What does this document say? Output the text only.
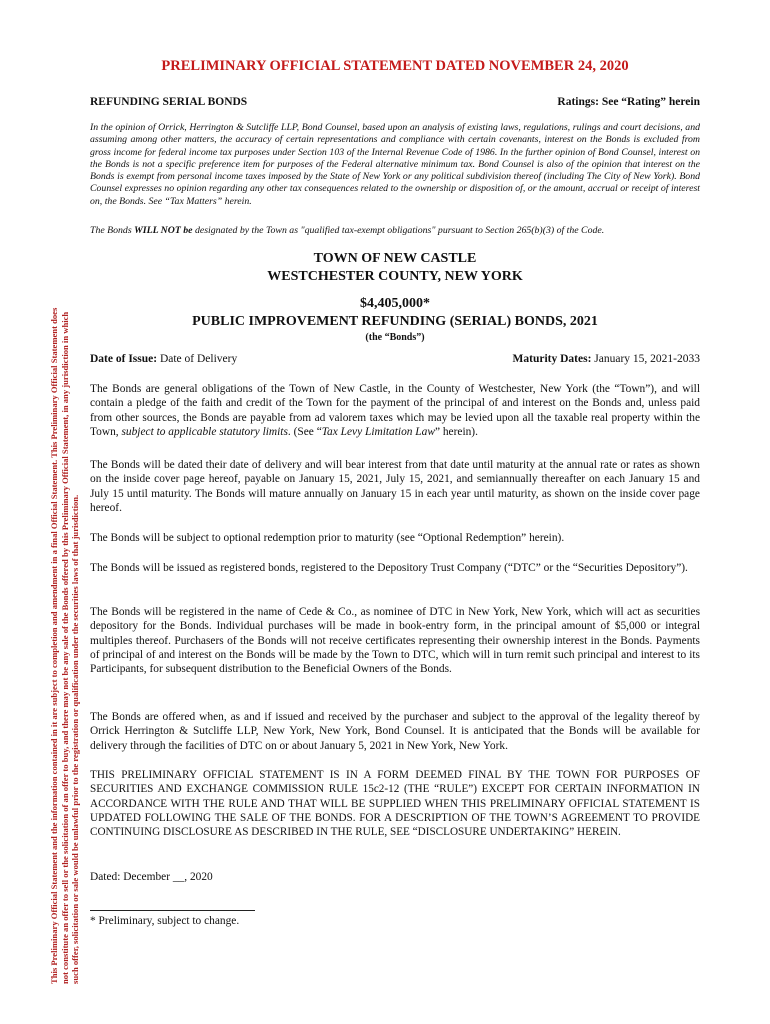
This Preliminary Official Statement and the information contained in it are subject to completion and amendment in a final Official Statement. This Preliminary Official Statement does not constitute an offer to sell or the solicitation of an offer to buy, and there may not be any sale of the Bonds offered by this Preliminary Official Statement, in any jurisdiction in which such offer, solicitation or sale would be unlawful prior to the registration or qualification under the securities laws of that jurisdiction.
PRELIMINARY OFFICIAL STATEMENT DATED NOVEMBER 24, 2020
REFUNDING SERIAL BONDS	Ratings: See “Rating” herein
In the opinion of Orrick, Herrington & Sutcliffe LLP, Bond Counsel, based upon an analysis of existing laws, regulations, rulings and court decisions, and assuming among other matters, the accuracy of certain representations and compliance with certain covenants, interest on the Bonds is excluded from gross income for federal income tax purposes under Section 103 of the Internal Revenue Code of 1986. In the further opinion of Bond Counsel, interest on the Bonds is not a specific preference item for purposes of the Federal alternative minimum tax. Bond Counsel is also of the opinion that interest on the Bonds is exempt from personal income taxes imposed by the State of New York or any political subdivision thereof (including The City of New York). Bond Counsel expresses no opinion regarding any other tax consequences related to the ownership or disposition of, or the amount, accrual or receipt of interest on, the Bonds. See “Tax Matters” herein.
The Bonds WILL NOT be designated by the Town as "qualified tax-exempt obligations" pursuant to Section 265(b)(3) of the Code.
TOWN OF NEW CASTLE
WESTCHESTER COUNTY, NEW YORK
$4,405,000*
PUBLIC IMPROVEMENT REFUNDING (SERIAL) BONDS, 2021
(the “Bonds”)
Date of Issue: Date of Delivery	Maturity Dates: January 15, 2021-2033
The Bonds are general obligations of the Town of New Castle, in the County of Westchester, New York (the “Town”), and will contain a pledge of the faith and credit of the Town for the payment of the principal of and interest on the Bonds and, unless paid from other sources, the Bonds are payable from ad valorem taxes which may be levied upon all the taxable real property within the Town, subject to applicable statutory limits. (See “Tax Levy Limitation Law” herein).
The Bonds will be dated their date of delivery and will bear interest from that date until maturity at the annual rate or rates as shown on the inside cover page hereof, payable on January 15, 2021, July 15, 2021, and semiannually thereafter on each January 15 and July 15 until maturity. The Bonds will mature annually on January 15 in each year until maturity, as shown on the inside cover page hereof.
The Bonds will be subject to optional redemption prior to maturity (see “Optional Redemption” herein).
The Bonds will be issued as registered bonds, registered to the Depository Trust Company (“DTC” or the “Securities Depository”).
The Bonds will be registered in the name of Cede & Co., as nominee of DTC in New York, New York, which will act as securities depository for the Bonds. Individual purchases will be made in book-entry form, in the principal amount of $5,000 or integral multiples thereof. Purchasers of the Bonds will not receive certificates representing their ownership interest in the Bonds. Payments of principal of and interest on the Bonds will be made by the Town to DTC, which will in turn remit such principal and interest to its Participants, for subsequent distribution to the Beneficial Owners of the Bonds.
The Bonds are offered when, as and if issued and received by the purchaser and subject to the approval of the legality thereof by Orrick Herrington & Sutcliffe LLP, New York, New York, Bond Counsel. It is anticipated that the Bonds will be available for delivery through the facilities of DTC on or about January 5, 2021 in New York, New York.
THIS PRELIMINARY OFFICIAL STATEMENT IS IN A FORM DEEMED FINAL BY THE TOWN FOR PURPOSES OF SECURITIES AND EXCHANGE COMMISSION RULE 15c2-12 (THE “RULE”) EXCEPT FOR CERTAIN INFORMATION IN ACCORDANCE WITH THE RULE AND THAT WILL BE SUPPLIED WHEN THIS PRELIMINARY OFFICIAL STATEMENT IS UPDATED FOLLOWING THE SALE OF THE BONDS. FOR A DESCRIPTION OF THE TOWN’S AGREEMENT TO PROVIDE CONTINUING DISCLOSURE AS DESCRIBED IN THE RULE, SEE “DISCLOSURE UNDERTAKING” HEREIN.
Dated: December __, 2020
* Preliminary, subject to change.
